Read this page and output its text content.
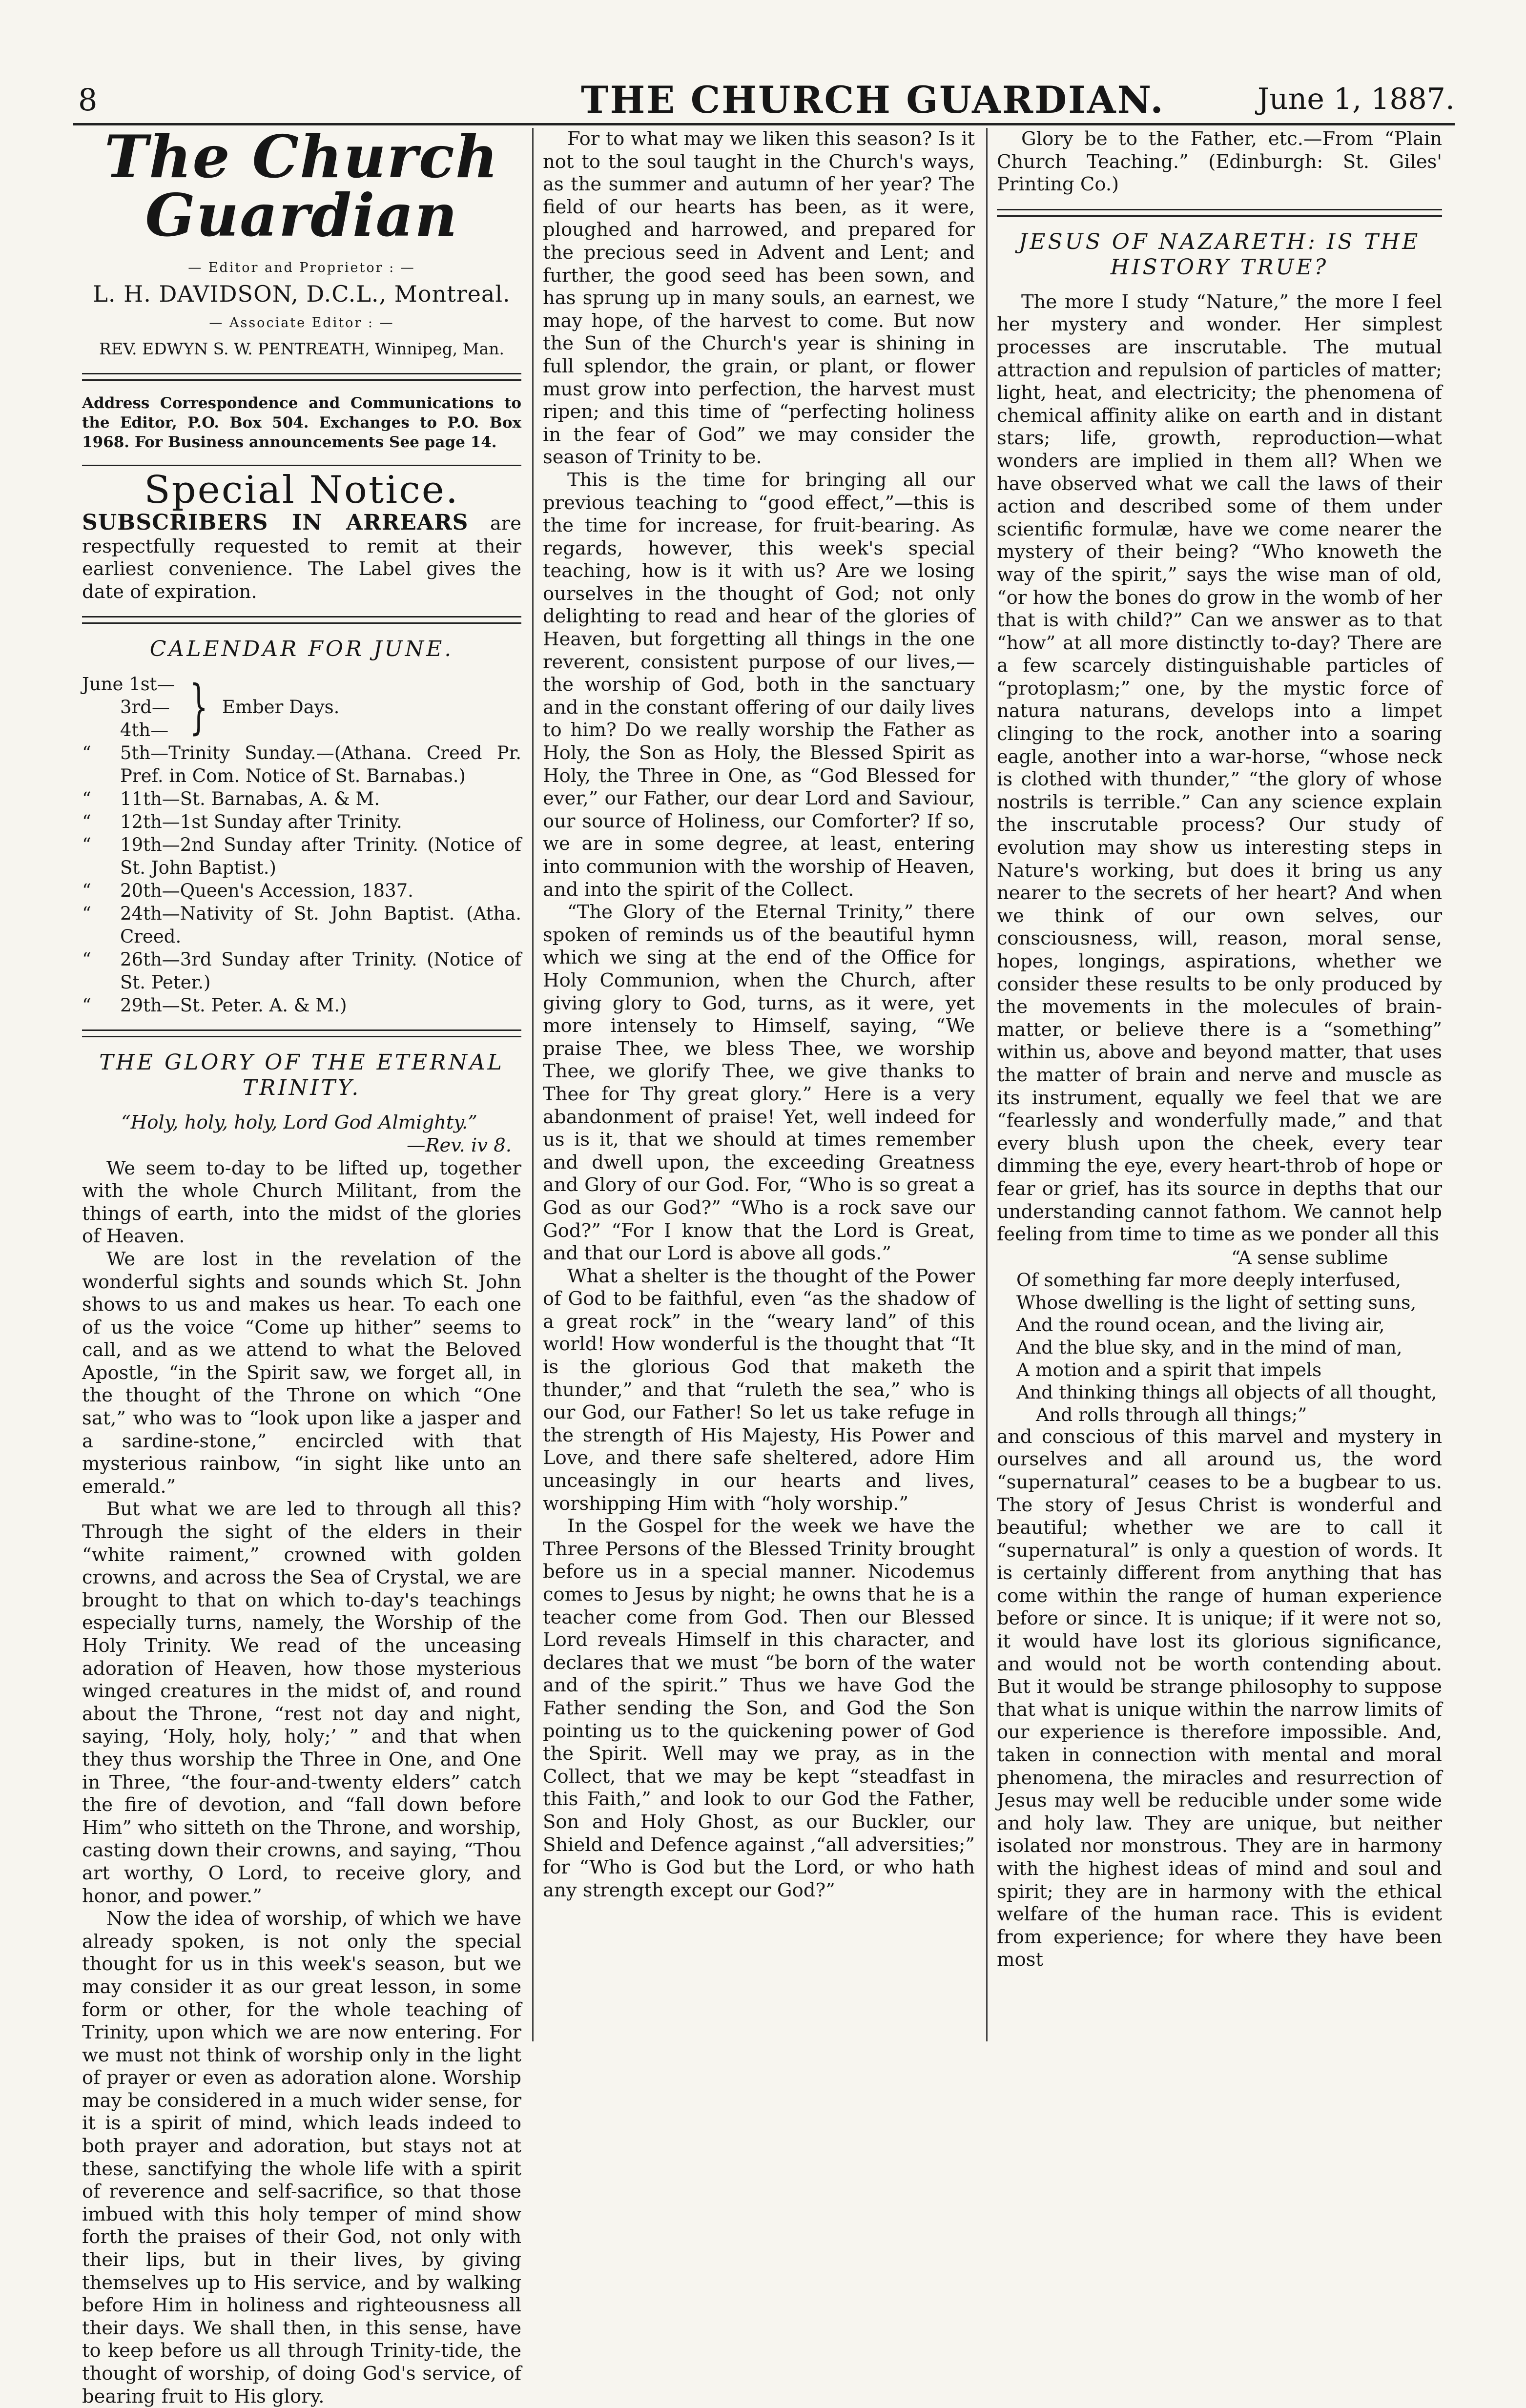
8	THE CHURCH GUARDIAN.	June 1, 1887.
The Church Guardian
— Editor and Proprietor : —
L. H. DAVIDSON, D.C.L., Montreal.
— Associate Editor : —
REV. EDWYN S. W. PENTREATH, Winnipeg, Man.
Address Correspondence and Communications to the Editor, P.O. Box 504. Exchanges to P.O. Box 1968. For Business announcements See page 14.
Special Notice.

SUBSCRIBERS IN ARREARS are respectfully requested to remit at their earliest convenience. The Label gives the date of expiration.

CALENDAR FOR JUNE.
June 1st—
3rd—
4th— } Ember Days.
“	5th—Trinity Sunday.—(Athana. Creed Pr. Pref. in Com. Notice of St. Barnabas.)
“	11th—St. Barnabas, A. & M.
“	12th—1st Sunday after Trinity.
“	19th—2nd Sunday after Trinity. (Notice of St. John Baptist.)
“	20th—Queen's Accession, 1837.
“	24th—Nativity of St. John Baptist. (Atha. Creed.
“	26th—3rd Sunday after Trinity. (Notice of St. Peter.)
“	29th—St. Peter. A. & M.)
THE GLORY OF THE ETERNAL TRINITY.
“Holy, holy, holy, Lord God Almighty.”
—Rev. iv 8.

We seem to-day to be lifted up, together with the whole Church Militant, from the things of earth, into the midst of the glories of Heaven.

We are lost in the revelation of the wonderful sights and sounds which St. John shows to us and makes us hear. To each one of us the voice “Come up hither” seems to call, and as we attend to what the Beloved Apostle, “in the Spirit saw, we forget all, in the thought of the Throne on which “One sat,” who was to “look upon like a jasper and a sardine-stone,” encircled with that mysterious rainbow, “in sight like unto an emerald.”

But what we are led to through all this? Through the sight of the elders in their “white raiment,” crowned with golden crowns, and across the Sea of Crystal, we are brought to that on which to-day's teachings especially turns, namely, the Worship of the Holy Trinity. We read of the unceasing adoration of Heaven, how those mysterious winged creatures in the midst of, and round about the Throne, “rest not day and night, saying, ‘Holy, holy, holy;’ ” and that when they thus worship the Three in One, and One in Three, “the four-and-twenty elders” catch the fire of devotion, and “fall down before Him” who sitteth on the Throne, and worship, casting down their crowns, and saying, “Thou art worthy, O Lord, to receive glory, and honor, and power.”

Now the idea of worship, of which we have already spoken, is not only the special thought for us in this week's season, but we may consider it as our great lesson, in some form or other, for the whole teaching of Trinity, upon which we are now entering. For we must not think of worship only in the light of prayer or even as adoration alone. Worship may be considered in a much wider sense, for it is a spirit of mind, which leads indeed to both prayer and adoration, but stays not at these, sanctifying the whole life with a spirit of reverence and self-sacrifice, so that those imbued with this holy temper of mind show forth the praises of their God, not only with their lips, but in their lives, by giving themselves up to His service, and by walking before Him in holiness and righteousness all their days. We shall then, in this sense, have to keep before us all through Trinity-tide, the thought of worship, of doing God's service, of bearing fruit to His glory.

For to what may we liken this season? Is it not to the soul taught in the Church's ways, as the summer and autumn of her year? The field of our hearts has been, as it were, ploughed and harrowed, and prepared for the precious seed in Advent and Lent; and further, the good seed has been sown, and has sprung up in many souls, an earnest, we may hope, of the harvest to come. But now the Sun of the Church's year is shining in full splendor, the grain, or plant, or flower must grow into perfection, the harvest must ripen; and this time of “perfecting holiness in the fear of God” we may consider the season of Trinity to be.

This is the time for bringing all our previous teaching to “good effect,”—this is the time for increase, for fruit-bearing. As regards, however, this week's special teaching, how is it with us? Are we losing ourselves in the thought of God; not only delighting to read and hear of the glories of Heaven, but forgetting all things in the one reverent, consistent purpose of our lives,—the worship of God, both in the sanctuary and in the constant offering of our daily lives to him? Do we really worship the Father as Holy, the Son as Holy, the Blessed Spirit as Holy, the Three in One, as “God Blessed for ever,” our Father, our dear Lord and Saviour, our source of Holiness, our Comforter? If so, we are in some degree, at least, entering into communion with the worship of Heaven, and into the spirit of the Collect.

“The Glory of the Eternal Trinity,” there spoken of reminds us of the beautiful hymn which we sing at the end of the Office for Holy Communion, when the Church, after giving glory to God, turns, as it were, yet more intensely to Himself, saying, “We praise Thee, we bless Thee, we worship Thee, we glorify Thee, we give thanks to Thee for Thy great glory.” Here is a very abandonment of praise! Yet, well indeed for us is it, that we should at times remember and dwell upon, the exceeding Greatness and Glory of our God. For, “Who is so great a God as our God?” “Who is a rock save our God?” “For I know that the Lord is Great, and that our Lord is above all gods.”

What a shelter is the thought of the Power of God to be faithful, even “as the shadow of a great rock” in the “weary land” of this world! How wonderful is the thought that “It is the glorious God that maketh the thunder,” and that “ruleth the sea,” who is our God, our Father! So let us take refuge in the strength of His Majesty, His Power and Love, and there safe sheltered, adore Him unceasingly in our hearts and lives, worshipping Him with “holy worship.”

In the Gospel for the week we have the Three Persons of the Blessed Trinity brought before us in a special manner. Nicodemus comes to Jesus by night; he owns that he is a teacher come from God. Then our Blessed Lord reveals Himself in this character, and declares that we must “be born of the water and of the spirit.” Thus we have God the Father sending the Son, and God the Son pointing us to the quickening power of God the Spirit. Well may we pray, as in the Collect, that we may be kept “steadfast in this Faith,” and look to our God the Father, Son and Holy Ghost, as our Buckler, our Shield and Defence against ‚“all adversities;” for “Who is God but the Lord, or who hath any strength except our God?”

Glory be to the Father, etc.—From “Plain Church Teaching.” (Edinburgh: St. Giles' Printing Co.)

JESUS OF NAZARETH: IS THE HISTORY TRUE?

The more I study “Nature,” the more I feel her mystery and wonder. Her simplest processes are inscrutable. The mutual attraction and repulsion of particles of matter; light, heat, and electricity; the phenomena of chemical affinity alike on earth and in distant stars; life, growth, reproduction—what wonders are implied in them all? When we have observed what we call the laws of their action and described some of them under scientific formulæ, have we come nearer the mystery of their being? “Who knoweth the way of the spirit,” says the wise man of old, “or how the bones do grow in the womb of her that is with child?” Can we answer as to that “how” at all more distinctly to-day? There are a few scarcely distinguishable particles of “protoplasm;” one, by the mystic force of natura naturans, develops into a limpet clinging to the rock, another into a soaring eagle, another into a war-horse, “whose neck is clothed with thunder,” “the glory of whose nostrils is terrible.” Can any science explain the inscrutable process? Our study of evolution may show us interesting steps in Nature's working, but does it bring us any nearer to the secrets of her heart? And when we think of our own selves, our consciousness, will, reason, moral sense, hopes, longings, aspirations, whether we consider these results to be only produced by the movements in the molecules of brain-matter, or believe there is a “something” within us, above and beyond matter, that uses the matter of brain and nerve and muscle as its instrument, equally we feel that we are “fearlessly and wonderfully made,” and that every blush upon the cheek, every tear dimming the eye, every heart-throb of hope or fear or grief, has its source in depths that our understanding cannot fathom. We cannot help feeling from time to time as we ponder all this

“A sense sublime
Of something far more deeply interfused,
Whose dwelling is the light of setting suns,
And the round ocean, and the living air,
And the blue sky, and in the mind of man,
A motion and a spirit that impels
And thinking things all objects of all thought,
And rolls through all things;”

and conscious of this marvel and mystery in ourselves and all around us, the word “supernatural” ceases to be a bugbear to us. The story of Jesus Christ is wonderful and beautiful; whether we are to call it “supernatural” is only a question of words. It is certainly different from anything that has come within the range of human experience before or since. It is unique; if it were not so, it would have lost its glorious significance, and would not be worth contending about. But it would be strange philosophy to suppose that what is unique within the narrow limits of our experience is therefore impossible. And, taken in connection with mental and moral phenomena, the miracles and resurrection of Jesus may well be reducible under some wide and holy law. They are unique, but neither isolated nor monstrous. They are in harmony with the highest ideas of mind and soul and spirit; they are in harmony with the ethical welfare of the human race. This is evident from experience; for where they have been most
